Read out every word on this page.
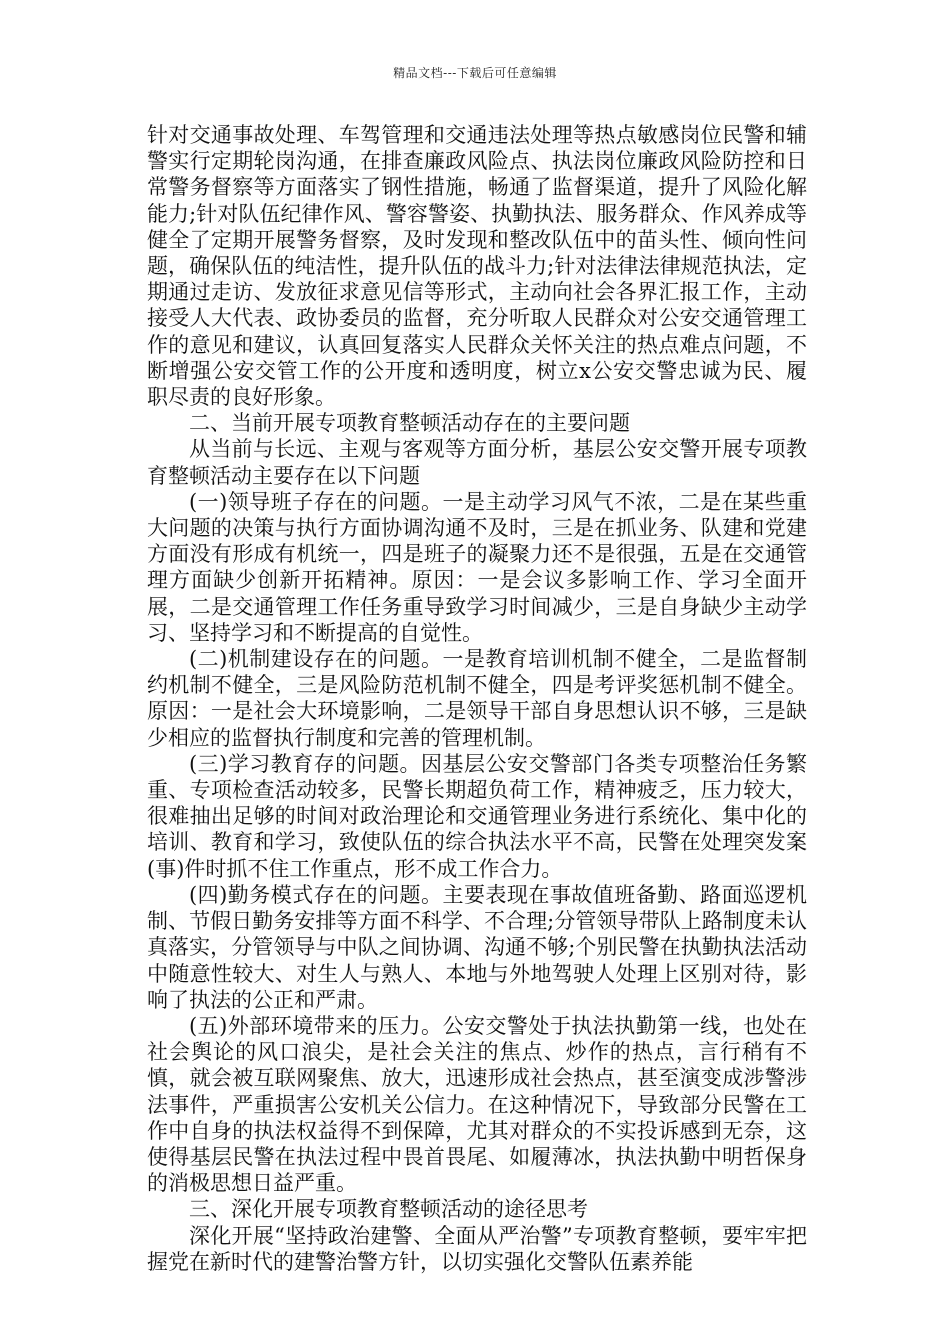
精品文档---下载后可任意编辑

针对交通事故处理、车驾管理和交通违法处理等热点敏感岗位民警和辅警实行定期轮岗沟通，在排查廉政风险点、执法岗位廉政风险防控和日常警务督察等方面落实了钢性措施，畅通了监督渠道，提升了风险化解能力;针对队伍纪律作风、警容警姿、执勤执法、服务群众、作风养成等健全了定期开展警务督察，及时发现和整改队伍中的苗头性、倾向性问题，确保队伍的纯洁性，提升队伍的战斗力;针对法律法律规范执法，定期通过走访、发放征求意见信等形式，主动向社会各界汇报工作，主动接受人大代表、政协委员的监督，充分听取人民群众对公安交通管理工作的意见和建议，认真回复落实人民群众关怀关注的热点难点问题，不断增强公安交管工作的公开度和透明度，树立x公安交警忠诚为民、履职尽责的良好形象。

二、当前开展专项教育整顿活动存在的主要问题

从当前与长远、主观与客观等方面分析，基层公安交警开展专项教育整顿活动主要存在以下问题

(一)领导班子存在的问题。一是主动学习风气不浓，二是在某些重大问题的决策与执行方面协调沟通不及时，三是在抓业务、队建和党建方面没有形成有机统一，四是班子的凝聚力还不是很强，五是在交通管理方面缺少创新开拓精神。原因：一是会议多影响工作、学习全面开展，二是交通管理工作任务重导致学习时间减少，三是自身缺少主动学习、坚持学习和不断提高的自觉性。

(二)机制建设存在的问题。一是教育培训机制不健全，二是监督制约机制不健全，三是风险防范机制不健全，四是考评奖惩机制不健全。原因：一是社会大环境影响，二是领导干部自身思想认识不够，三是缺少相应的监督执行制度和完善的管理机制。

(三)学习教育存的问题。因基层公安交警部门各类专项整治任务繁重、专项检查活动较多，民警长期超负荷工作，精神疲乏，压力较大，很难抽出足够的时间对政治理论和交通管理业务进行系统化、集中化的培训、教育和学习，致使队伍的综合执法水平不高，民警在处理突发案(事)件时抓不住工作重点，形不成工作合力。

(四)勤务模式存在的问题。主要表现在事故值班备勤、路面巡逻机制、节假日勤务安排等方面不科学、不合理;分管领导带队上路制度未认真落实，分管领导与中队之间协调、沟通不够;个别民警在执勤执法活动中随意性较大、对生人与熟人、本地与外地驾驶人处理上区别对待，影响了执法的公正和严肃。

(五)外部环境带来的压力。公安交警处于执法执勤第一线，也处在社会舆论的风口浪尖，是社会关注的焦点、炒作的热点，言行稍有不慎，就会被互联网聚焦、放大，迅速形成社会热点，甚至演变成涉警涉法事件，严重损害公安机关公信力。在这种情况下，导致部分民警在工作中自身的执法权益得不到保障，尤其对群众的不实投诉感到无奈，这使得基层民警在执法过程中畏首畏尾、如履薄冰，执法执勤中明哲保身的消极思想日益严重。

三、深化开展专项教育整顿活动的途径思考

深化开展“坚持政治建警、全面从严治警”专项教育整顿，要牢牢把握党在新时代的建警治警方针，以切实强化交警队伍素养能
